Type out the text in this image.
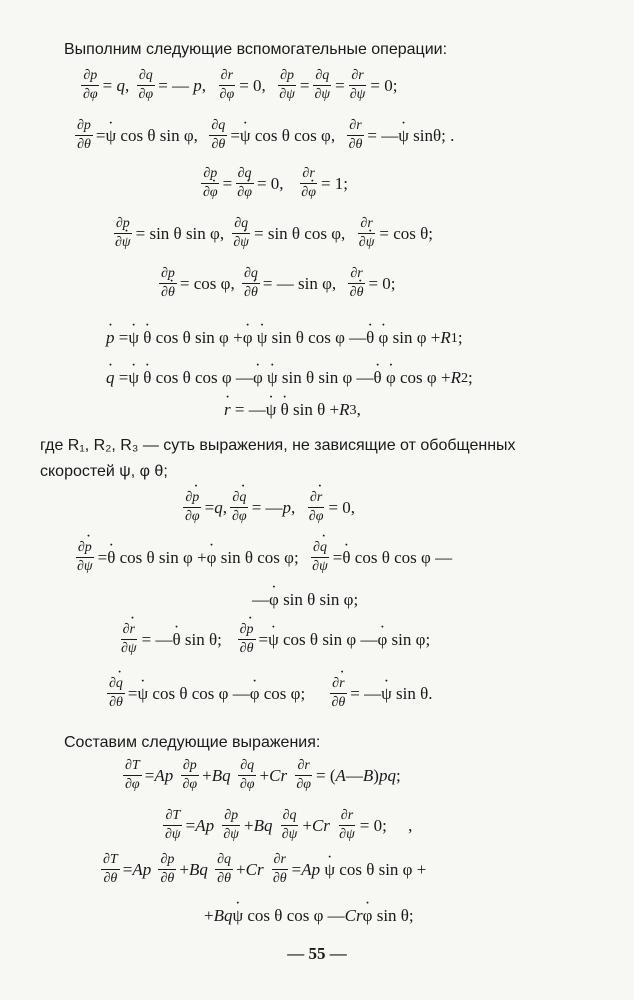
Выполним следующие вспомогательные операции:
$\frac{\partial p}{\partial\varphi} = q$ , $\frac{\partial q}{\partial\varphi}$ = — p , $\frac{\partial r}{\partial\varphi} = 0$, $\frac{\partial p}{\partial\psi} = \frac{\partial q}{\partial\psi} = \frac{\partial r}{\partial\psi} = 0$;
$\frac{\partial p}{\partial\theta}$ = · ψ cos θ sin φ, $\frac{\partial q}{\partial\theta}$ = · ψ cos θ cos φ, $\frac{\partial r}{\partial\theta}$ = — · ψ sinθ; .
$\frac{\partial p}{\partial\cdot \varphi} = \frac{\partial q}{\partial\cdot \varphi} = 0$, $\frac{\partial r}{\partial\cdot \varphi} = 1$;
$\frac{\partial p}{\partial\cdot \psi} = \sin \theta$ sin φ, $\frac{\partial q}{\partial\cdot \psi} = \sin \theta$ cos φ, $\frac{\partial r}{\partial\cdot \psi} = \cos \theta$;
$\frac{\partial p}{\partial\cdot \theta} = \cos \varphi$, $\frac{\partial q}{\partial\cdot \theta}$ = — sin φ, $\frac{\partial r}{\partial\cdot \theta} = 0$;
· p = · ψ
· θ cos θ sin φ + · φ
· ψ sin θ cos φ — · θ
· φ sin φ + R 1 ;
· q = · ψ
· θ cos θ cos φ — · φ
· ψ sin θ sin φ — · θ
· φ cos φ + R 2 ;
· r = — · ψ
· θ sin θ + R 3 ,
где R₁, R₂, R₃ — суть выражения, не зависящие от обобщенных
скоростей ψ, φ θ;
$\frac{\partial\cdot p}{\partial\varphi} = q$ , $\frac{\partial\cdot q}{\partial\varphi}$ = — p , $\frac{\partial\cdot r}{\partial\varphi} = 0$,
$\frac{\partial\cdot p}{\partial\psi}$ = · θ cos θ sin φ + · φ sin θ cos φ; $\frac{\partial\cdot q}{\partial\psi}$ = · θ cos θ cos φ —
— · φ sin θ sin φ;
$\frac{\partial\cdot r}{\partial\psi}$ = — · θ sin θ; $\frac{\partial\cdot p}{\partial\theta}$ = · ψ cos θ sin φ — · φ sin φ;
$\frac{\partial\cdot q}{\partial\theta}$ = · ψ cos θ cos φ — · φ cos φ; $\frac{\partial\cdot r}{\partial\theta}$ = — · ψ sin θ.
Составим следующие выражения:
$\frac{\partial T}{\partial\varphi} = Ap$
$\frac{\partial p}{\partial\varphi} + Bq$
$\frac{\partial q}{\partial\varphi} + Cr$
$\frac{\partial r}{\partial\varphi}$ = ( A — B ) pq ;
$\frac{\partial T}{\partial\psi} = Ap$
$\frac{\partial p}{\partial\psi} + Bq$
$\frac{\partial q}{\partial\psi} + Cr$
$\frac{\partial r}{\partial\psi} = 0$;     ,
$\frac{\partial T}{\partial\theta} = Ap$
$\frac{\partial p}{\partial\theta} + Bq$
$\frac{\partial q}{\partial\theta} + Cr$
$\frac{\partial r}{\partial\theta} = Ap$
· ψ cos θ sin φ +
+ Bq · ψ cos θ cos φ — Cr · φ sin θ;
— 55 —
